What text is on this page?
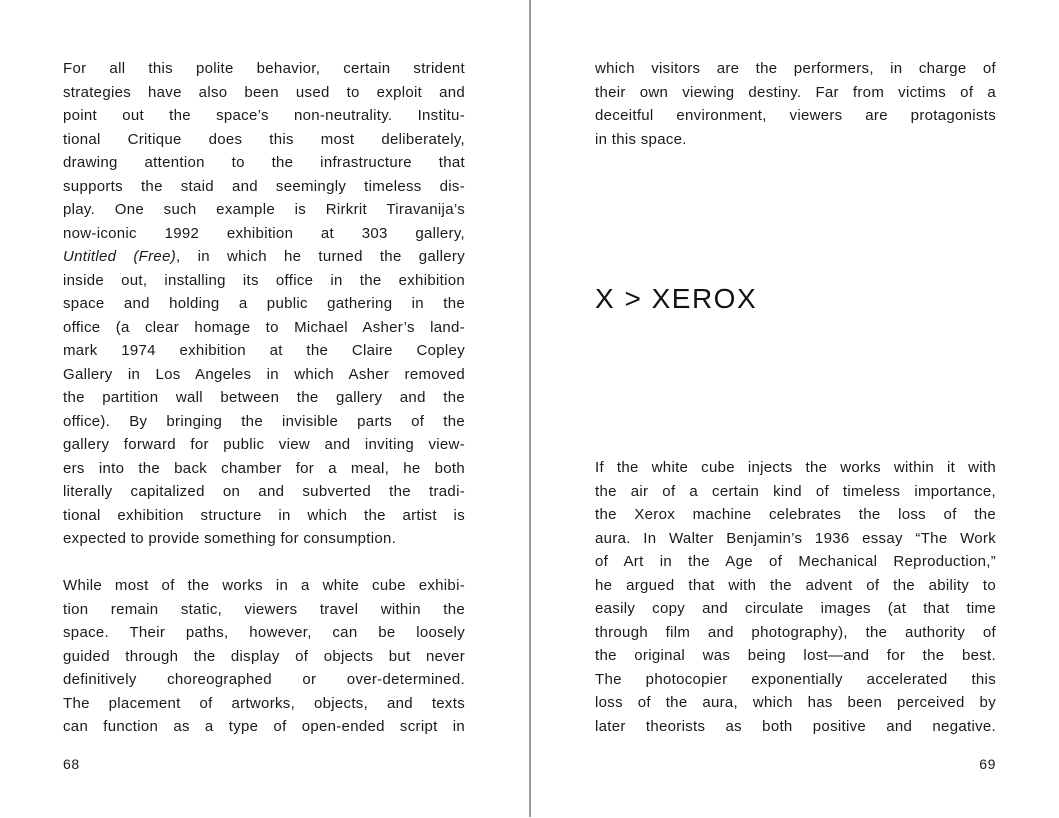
For all this polite behavior, certain strident
strategies have also been used to exploit and
point out the space’s non-neutrality. Institu-
tional Critique does this most deliberately,
drawing attention to the infrastructure that
supports the staid and seemingly timeless dis-
play. One such example is Rirkrit Tiravanija’s
now-iconic 1992 exhibition at 303 gallery,
Untitled (Free), in which he turned the gallery
inside out, installing its office in the exhibition
space and holding a public gathering in the
office (a clear homage to Michael Asher’s land-
mark 1974 exhibition at the Claire Copley
Gallery in Los Angeles in which Asher removed
the partition wall between the gallery and the
office). By bringing the invisible parts of the
gallery forward for public view and inviting view-
ers into the back chamber for a meal, he both
literally capitalized on and subverted the tradi-
tional exhibition structure in which the artist is
expected to provide something for consumption.
While most of the works in a white cube exhibi-
tion remain static, viewers travel within the
space. Their paths, however, can be loosely
guided through the display of objects but never
definitively choreographed or over-determined.
The placement of artworks, objects, and texts
can function as a type of open-ended script in
68
which visitors are the performers, in charge of
their own viewing destiny. Far from victims of a
deceitful environment, viewers are protagonists
in this space.
X > XEROX
If the white cube injects the works within it with
the air of a certain kind of timeless importance,
the Xerox machine celebrates the loss of the
aura. In Walter Benjamin’s 1936 essay “The Work
of Art in the Age of Mechanical Reproduction,”
he argued that with the advent of the ability to
easily copy and circulate images (at that time
through film and photography), the authority of
the original was being lost—and for the best.
The photocopier exponentially accelerated this
loss of the aura, which has been perceived by
later theorists as both positive and negative.
69
